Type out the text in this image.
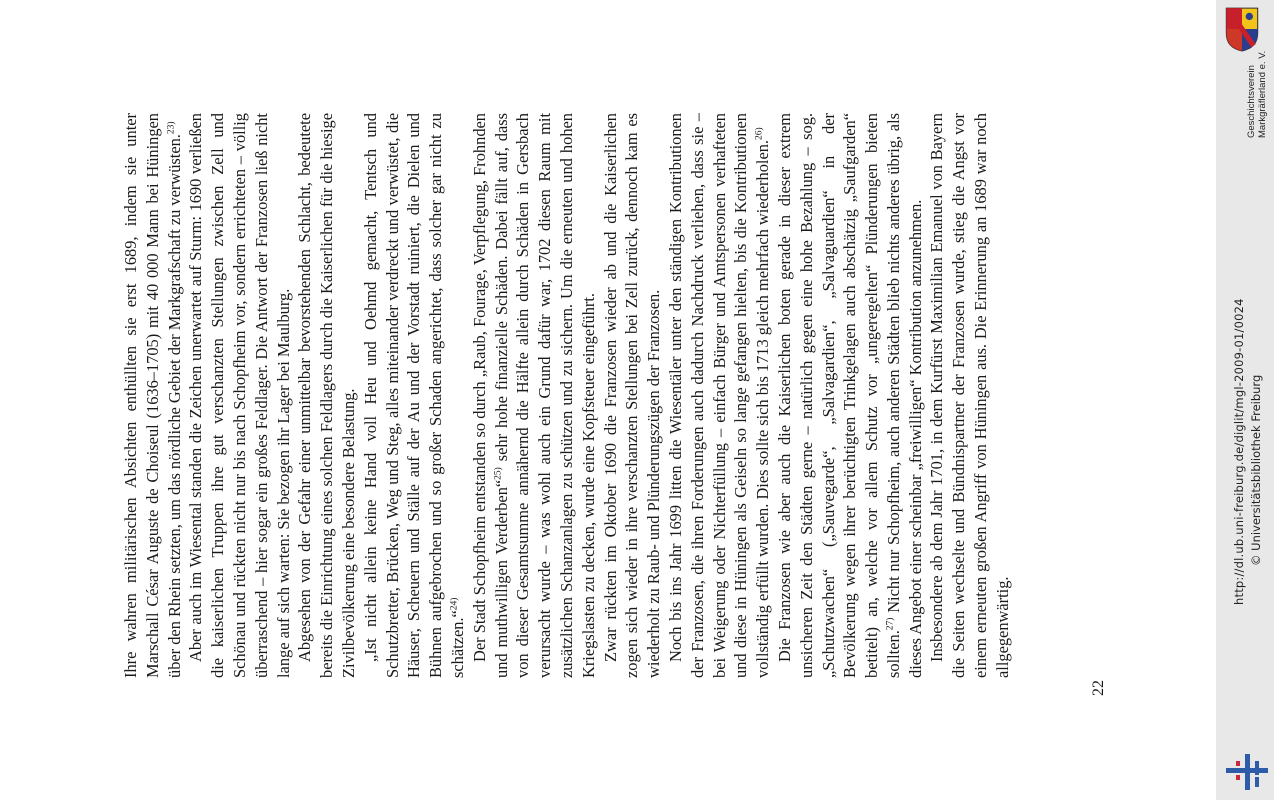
Ihre wahren militärischen Absichten enthüllten sie erst 1689, indem sie unter Marschall César Auguste de Choiseul (1636–1705) mit 40 000 Mann bei Hüningen über den Rhein setzten, um das nördliche Gebiet der Markgrafschaft zu verwüsten.$^{23)}$ Aber auch im Wiesental standen die Zeichen unerwartet auf Sturm: 1690 verließen die kaiserlichen Truppen ihre gut verschanzten Stellungen zwischen Zell und Schönau und rückten nicht nur bis nach Schopfheim vor, sondern errichteten – völlig überraschend – hier sogar ein großes Feldlager. Die Antwort der Franzosen ließ nicht lange auf sich warten: Sie bezogen ihr Lager bei Maulburg. Abgesehen von der Gefahr einer unmittelbar bevorstehenden Schlacht, bedeutete bereits die Einrichtung eines solchen Feldlagers durch die Kaiserlichen für die hiesige Zivilbevölkerung eine besondere Belastung. „Ist nicht allein keine Hand voll Heu und Oehmd gemacht, Tentsch und Schutzbretter, Brücken, Weg und Steg, alles miteinander verdreckt und verwüstet, die Häuser, Scheuern und Ställe auf der Au und der Vorstadt ruiniert, die Dielen und Bühnen aufgebrochen und so großer Schaden angerichtet, dass solcher gar nicht zu schätzen.“$^{24)}$ Der Stadt Schopfheim entstanden so durch „Raub, Fourage, Verpflegung, Frohnden und muthwilligen Verderben“$^{25)}$ sehr hohe finanzielle Schäden. Dabei fällt auf, dass von dieser Gesamtsumme annähernd die Hälfte allein durch Schäden in Gersbach verursacht wurde – was wohl auch ein Grund dafür war, 1702 diesen Raum mit zusätzlichen Schanzanlagen zu schützen und zu sichern. Um die erneuten und hohen Kriegslasten zu decken, wurde eine Kopfsteuer eingeführt. Zwar rückten im Oktober 1690 die Franzosen wieder ab und die Kaiserlichen zogen sich wieder in ihre verschanzten Stellungen bei Zell zurück, dennoch kam es wiederholt zu Raub- und Plünderungszügen der Franzosen. Noch bis ins Jahr 1699 litten die Wiesentäler unter den ständigen Kontributionen der Franzosen, die ihren Forderungen auch dadurch Nachdruck verliehen, dass sie – bei Weigerung oder Nichterfüllung – einfach Bürger und Amtspersonen verhafteten und diese in Hüningen als Geiseln so lange gefangen hielten, bis die Kontributionen vollständig erfüllt wurden. Dies sollte sich bis 1713 gleich mehrfach wiederholen.$^{26)}$ Die Franzosen wie aber auch die Kaiserlichen boten gerade in dieser extrem unsicheren Zeit den Städten gerne – natürlich gegen eine hohe Bezahlung – sog. „Schutzwachen“ („Sauvegarde“, „Salvagardien“, „Salvaguardien“ in der Bevölkerung wegen ihrer berüchtigten Trinkgelagen auch abschätzig „Saufgarden“ betitelt) an, welche vor allem Schutz vor „ungeregelten“ Plünderungen bieten sollten.$^{27)}$ Nicht nur Schopfheim, auch anderen Städten blieb nichts anderes übrig, als dieses Angebot einer scheinbar „freiwilligen“ Kontribution anzunehmen. Insbesondere ab dem Jahr 1701, in dem Kurfürst Maximilian Emanuel von Bayern die Seiten wechselte und Bündnispartner der Franzosen wurde, stieg die Angst vor einem erneuten großen Angriff von Hüningen aus. Die Erinnerung an 1689 war noch allgegenwärtig.

22
http://dl.ub.uni-freiburg.de/diglit/mgl-2009-01/0024 © Universitätsbibliothek Freiburg
Geschichtsverein Markgräflerland e. V.
